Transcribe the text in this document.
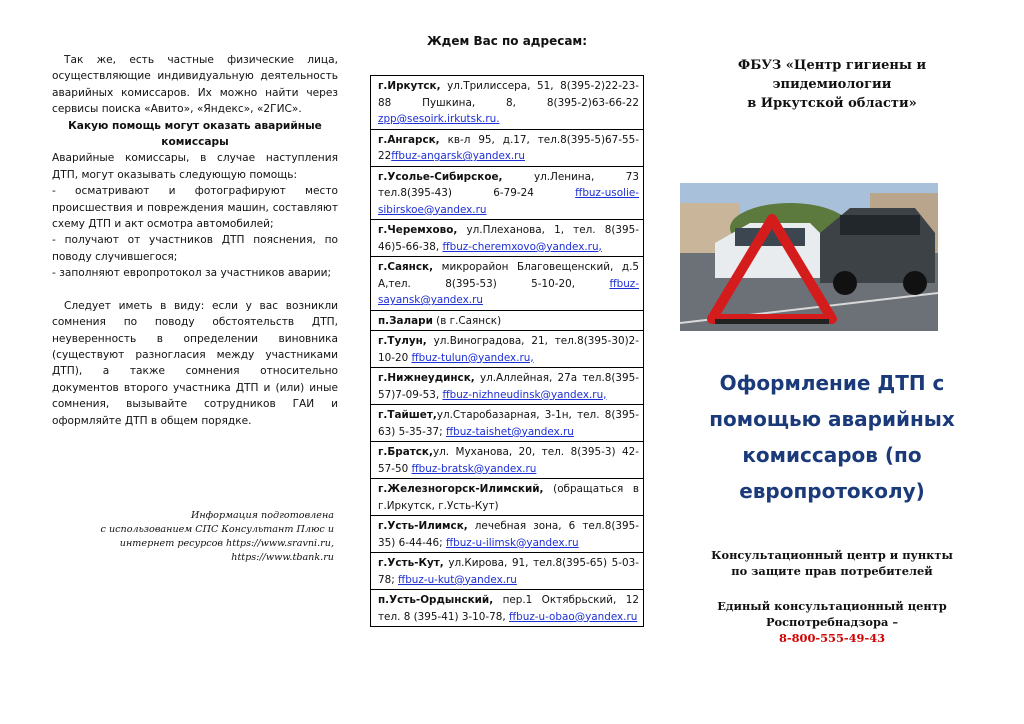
Так же, есть частные физические лица, осуществляющие индивидуальную деятельность аварийных комиссаров. Их можно найти через сервисы поиска «Авито», «Яндекс», «2ГИС».

Какую помощь могут оказать аварийные комиссары

Аварийные комиссары, в случае наступления ДТП, могут оказывать следующую помощь:

- осматривают и фотографируют место происшествия и повреждения машин, составляют схему ДТП и акт осмотра автомобилей;

- получают от участников ДТП пояснения, по поводу случившегося;

- заполняют европротокол за участников аварии;

Следует иметь в виду: если у вас возникли сомнения по поводу обстоятельств ДТП, неуверенность в определении виновника (существуют разногласия между участниками ДТП), а также сомнения относительно документов второго участника ДТП и (или) иные сомнения, вызывайте сотрудников ГАИ и оформляйте ДТП в общем порядке.

Информация подготовлена
с использованием СПС Консультант Плюс и
интернет ресурсов https://www.sravni.ru,
https://www.tbank.ru
Ждем Вас по адресам:
г.Иркутск, ул.Трилиссера, 51, 8(395-2)22-23-88 Пушкина, 8, 8(395-2)63-66-22 zpp@sesoirk.irkutsk.ru.
г.Ангарск, кв-л 95, д.17, тел.8(395-5)67-55-22ffbuz-angarsk@yandex.ru
г.Усолье-Сибирское, ул.Ленина, 73 тел.8(395-43) 6-79-24 ffbuz-usolie-sibirskoe@yandex.ru
г.Черемхово, ул.Плеханова, 1, тел. 8(395-46)5-66-38, ffbuz-cheremxovo@yandex.ru,
г.Саянск, микрорайон Благовещенский, д.5 А,тел. 8(395-53) 5-10-20, ffbuz-sayansk@yandex.ru
п.Залари (в г.Саянск)
г.Тулун, ул.Виноградова, 21, тел.8(395-30)2-10-20 ffbuz-tulun@yandex.ru,
г.Нижнеудинск, ул.Аллейная, 27а тел.8(395-57)7-09-53, ffbuz-nizhneudinsk@yandex.ru,
г.Тайшет,ул.Старобазарная, 3-1н, тел. 8(395-63) 5-35-37; ffbuz-taishet@yandex.ru
г.Братск,ул. Муханова, 20, тел. 8(395-3) 42-57-50 ffbuz-bratsk@yandex.ru
г.Железногорск-Илимский, (обращаться в г.Иркутск, г.Усть-Кут)
г.Усть-Илимск, лечебная зона, 6 тел.8(395-35) 6-44-46; ffbuz-u-ilimsk@yandex.ru
г.Усть-Кут, ул.Кирова, 91, тел.8(395-65) 5-03-78; ffbuz-u-kut@yandex.ru
п.Усть-Ордынский, пер.1 Октябрьский, 12 тел. 8 (395-41) 3-10-78, ffbuz-u-obao@yandex.ru
ФБУЗ «Центр гигиены и
эпидемиологии
в Иркутской области»
Оформление ДТП с
помощью аварийных
комиссаров (по
европротоколу)
Консультационный центр и пункты
по защите прав потребителей
Единый консультационный центр
Роспотребнадзора –
8-800-555-49-43
